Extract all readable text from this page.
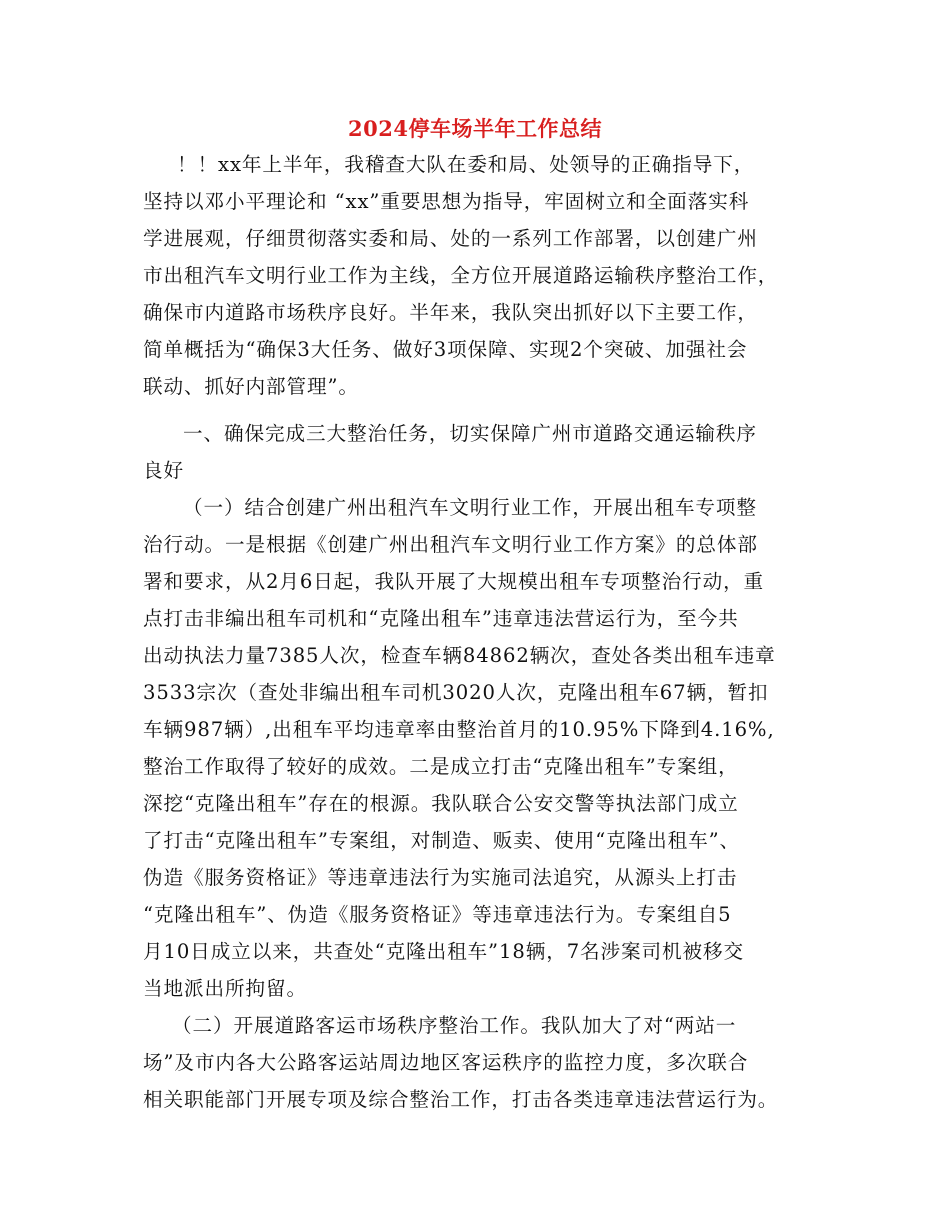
2024停车场半年工作总结
！！xx年上半年，我稽查大队在委和局、处领导的正确指导下，
坚持以邓小平理论和 “xx”重要思想为指导，牢固树立和全面落实科
学进展观，仔细贯彻落实委和局、处的一系列工作部署，以创建广州
市出租汽车文明行业工作为主线，全方位开展道路运输秩序整治工作，
确保市内道路市场秩序良好。半年来，我队突出抓好以下主要工作，
简单概括为“确保3大任务、做好3项保障、实现2个突破、加强社会
联动、抓好内部管理”。
一、确保完成三大整治任务，切实保障广州市道路交通运输秩序
良好
（一）结合创建广州出租汽车文明行业工作，开展出租车专项整
治行动。一是根据《创建广州出租汽车文明行业工作方案》的总体部
署和要求，从2月6日起，我队开展了大规模出租车专项整治行动，重
点打击非编出租车司机和“克隆出租车”违章违法营运行为，至今共
出动执法力量7385人次，检查车辆84862辆次，查处各类出租车违章
3533宗次（查处非编出租车司机3020人次，克隆出租车67辆，暂扣
车辆987辆）,出租车平均违章率由整治首月的10.95%下降到4.16%,
整治工作取得了较好的成效。二是成立打击“克隆出租车”专案组，
深挖“克隆出租车”存在的根源。我队联合公安交警等执法部门成立
了打击“克隆出租车”专案组，对制造、贩卖、使用“克隆出租车”、
伪造《服务资格证》等违章违法行为实施司法追究，从源头上打击
“克隆出租车”、伪造《服务资格证》等违章违法行为。专案组自5
月10日成立以来，共查处“克隆出租车”18辆，7名涉案司机被移交
当地派出所拘留。
（二）开展道路客运市场秩序整治工作。我队加大了对“两站一
场”及市内各大公路客运站周边地区客运秩序的监控力度，多次联合
相关职能部门开展专项及综合整治工作，打击各类违章违法营运行为。
